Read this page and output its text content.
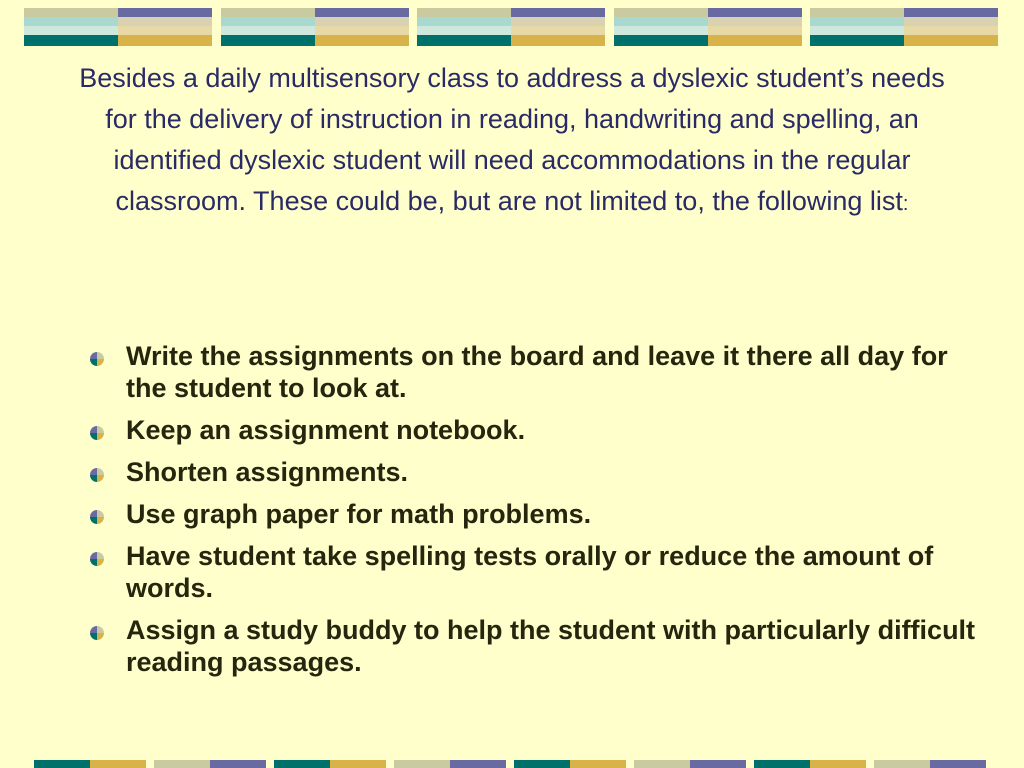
Besides a daily multisensory class to address a dyslexic student’s needs for the delivery of instruction in reading, handwriting and spelling, an identified dyslexic student will need accommodations in the regular classroom. These could be, but are not limited to, the following list:

Write the assignments on the board and leave it there all day for the student to look at.
Keep an assignment notebook.
Shorten assignments.
Use graph paper for math problems.
Have student take spelling tests orally or reduce the amount of words.
Assign a study buddy to help the student with particularly difficult reading passages.
